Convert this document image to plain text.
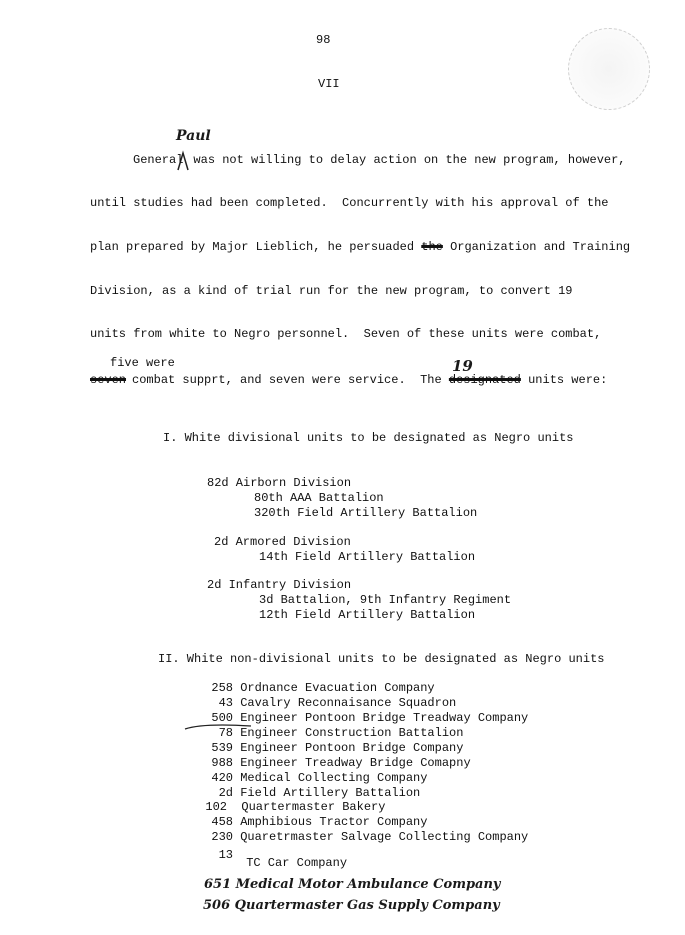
98
VII
Paul
General was not willing to delay action on the new program, however,
until studies had been completed.  Concurrently with his approval of the
plan prepared by Major Lieblich, he persuaded the Organization and Training
Division, as a kind of trial run for the new program, to convert 19
units from white to Negro personnel.  Seven of these units were combat,
five were	19
seven combat supprt, and seven were service.  The designated units were:
I. White divisional units to be designated as Negro units
82d Airborn Division
80th AAA Battalion
320th Field Artillery Battalion
2d Armored Division
14th Field Artillery Battalion
2d Infantry Division
3d Battalion, 9th Infantry Regiment
12th Field Artillery Battalion
II. White non-divisional units to be designated as Negro units
258 Ordnance Evacuation Company
43 Cavalry Reconnaisance Squadron
500 Engineer Pontoon Bridge Treadway Company
78 Engineer Construction Battalion
539 Engineer Pontoon Bridge Company
988 Engineer Treadway Bridge Comapny
420 Medical Collecting Company
2d Field Artillery Battalion
102 Quartermaster Bakery
458 Amphibious Tractor Company
230 Quaretrmaster Salvage Collecting Company
13 TC Car Company
651 Medical Motor Ambulance Company
506 Quartermaster Gas Supply Company
